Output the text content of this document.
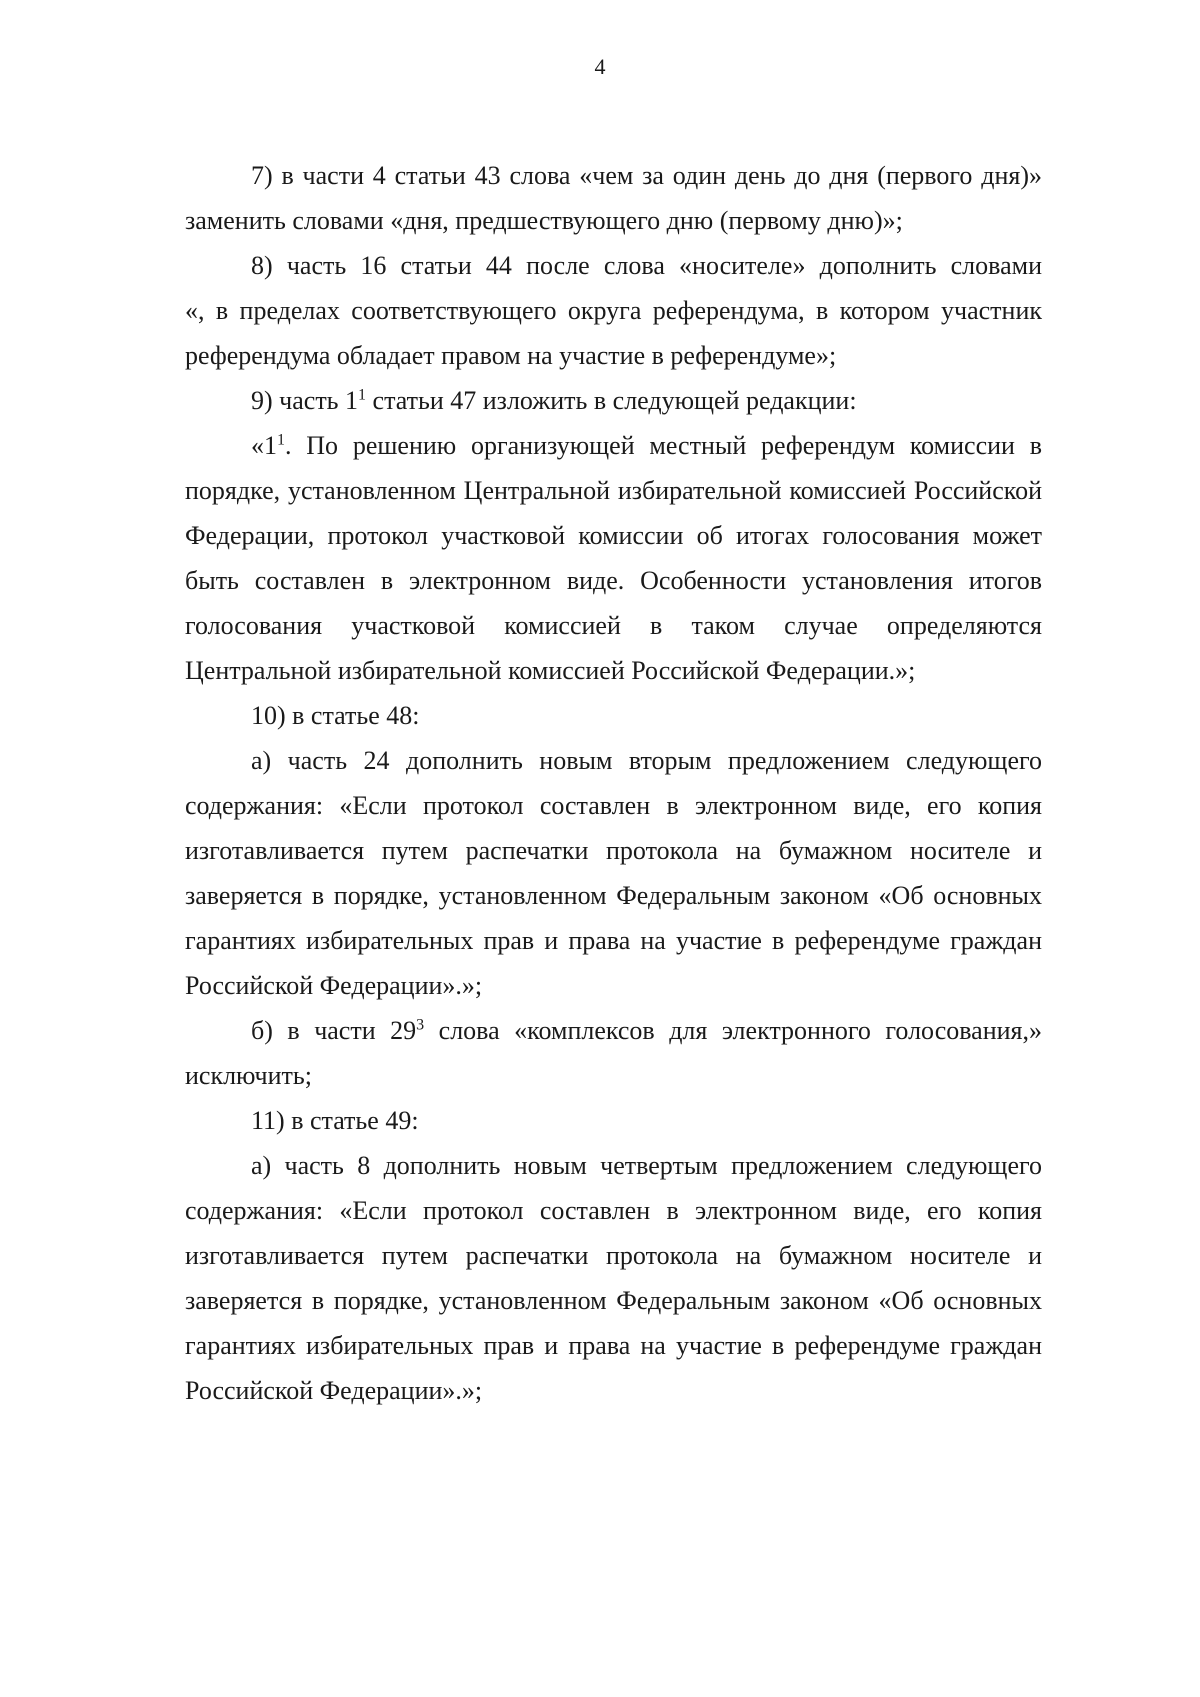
4

7) в части 4 статьи 43 слова «чем за один день до дня (первого дня)»
заменить словами «дня, предшествующего дню (первому дню)»;

8) часть 16 статьи 44 после слова «носителе» дополнить словами
«, в пределах соответствующего округа референдума, в котором участник
референдума обладает правом на участие в референдуме»;

9) часть $1^1$ статьи 47 изложить в следующей редакции:

«$1^1$. По решению организующей местный референдум комиссии в
порядке, установленном Центральной избирательной комиссией Российской
Федерации, протокол участковой комиссии об итогах голосования может
быть составлен в электронном виде. Особенности установления итогов
голосования участковой комиссией в таком случае определяются
Центральной избирательной комиссией Российской Федерации.»;

10) в статье 48:

а) часть 24 дополнить новым вторым предложением следующего
содержания: «Если протокол составлен в электронном виде, его копия
изготавливается путем распечатки протокола на бумажном носителе и
заверяется в порядке, установленном Федеральным законом «Об основных
гарантиях избирательных прав и права на участие в референдуме граждан
Российской Федерации».»;

б) в части $29^3$ слова «комплексов для электронного голосования,»
исключить;

11) в статье 49:

а) часть 8 дополнить новым четвертым предложением следующего
содержания: «Если протокол составлен в электронном виде, его копия
изготавливается путем распечатки протокола на бумажном носителе и
заверяется в порядке, установленном Федеральным законом «Об основных
гарантиях избирательных прав и права на участие в референдуме граждан
Российской Федерации».»;
